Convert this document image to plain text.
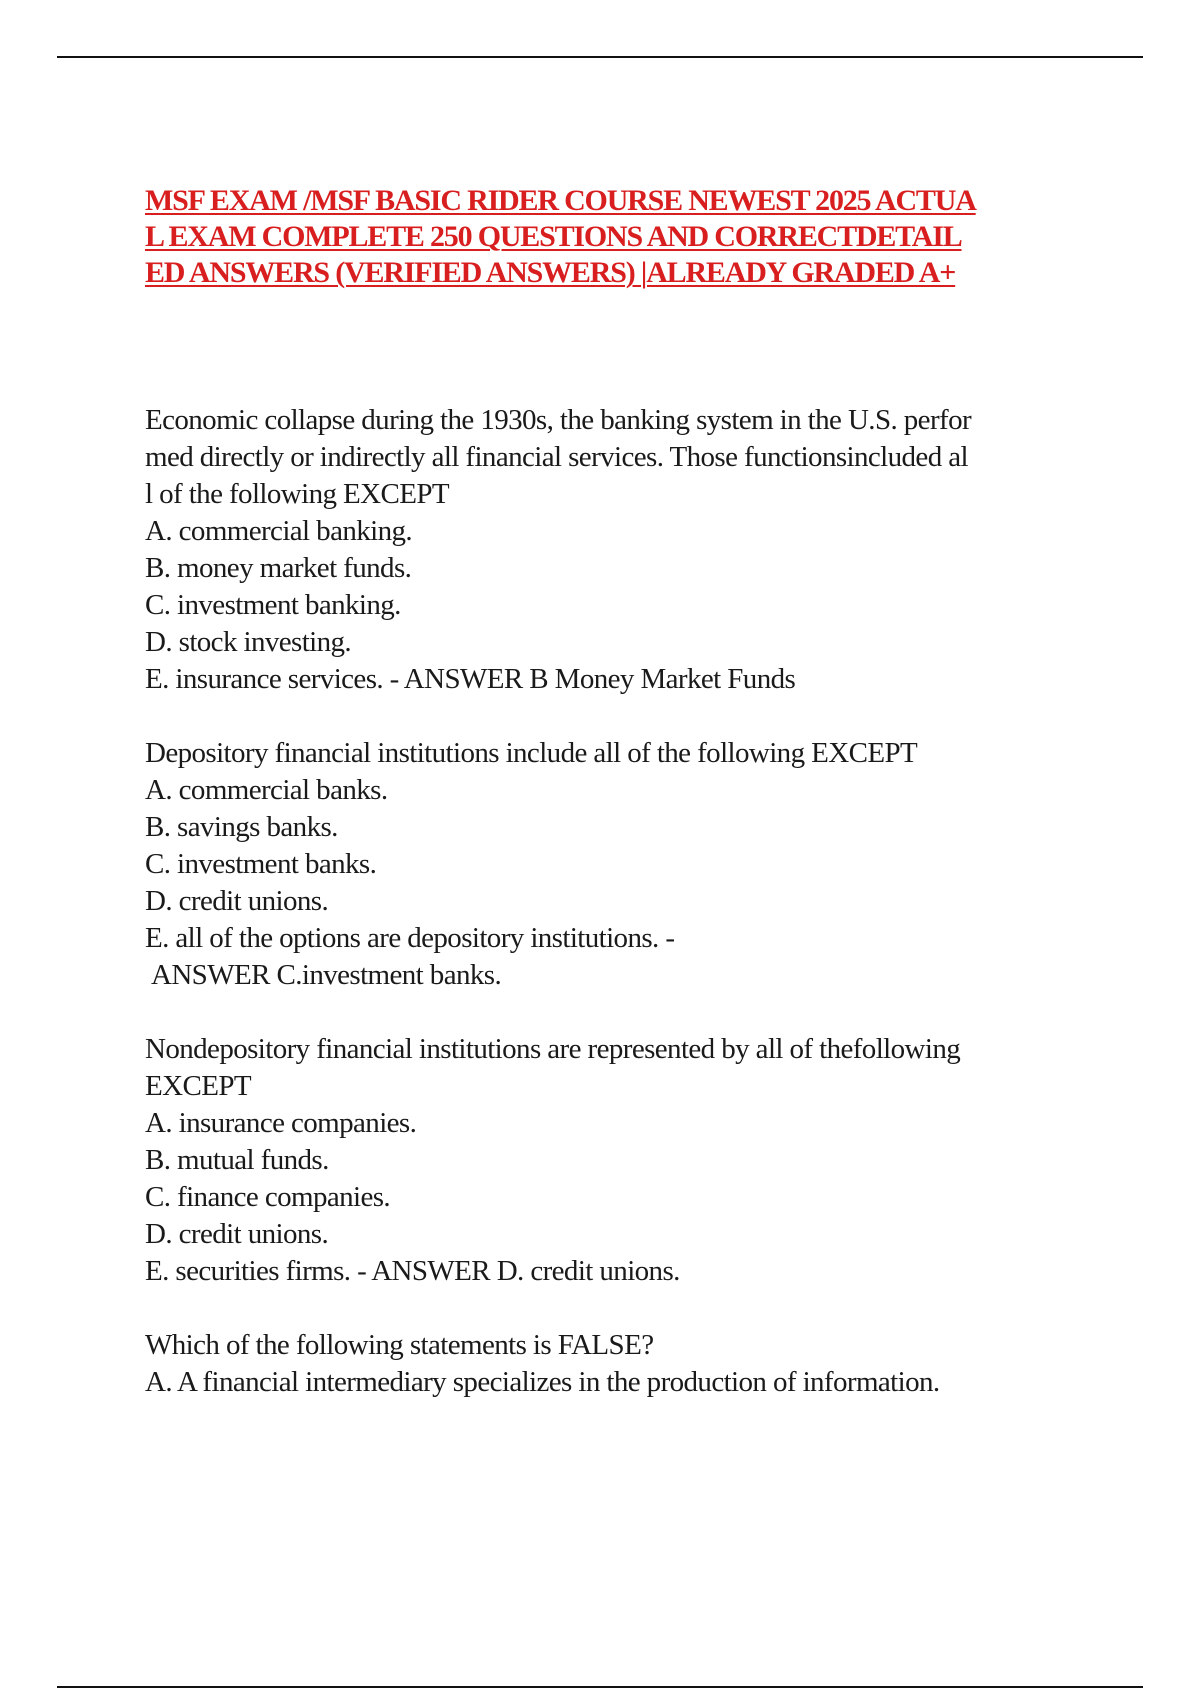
MSF EXAM /MSF BASIC RIDER COURSE NEWEST 2025 ACTUA
L EXAM COMPLETE 250 QUESTIONS AND CORRECTDETAIL
ED ANSWERS (VERIFIED ANSWERS) |ALREADY GRADED A+
Economic collapse during the 1930s, the banking system in the U.S. perfor
med directly or indirectly all financial services. Those functionsincluded al
l of the following EXCEPT
A. commercial banking.
B. money market funds.
C. investment banking.
D. stock investing.
E. insurance services. - ANSWER B Money Market Funds
Depository financial institutions include all of the following EXCEPT
A. commercial banks.
B. savings banks.
C. investment banks.
D. credit unions.
E. all of the options are depository institutions. -
ANSWER C.investment banks.
Nondepository financial institutions are represented by all of thefollowing
EXCEPT
A. insurance companies.
B. mutual funds.
C. finance companies.
D. credit unions.
E. securities firms. - ANSWER D. credit unions.
Which of the following statements is FALSE?
A. A financial intermediary specializes in the production of information.
